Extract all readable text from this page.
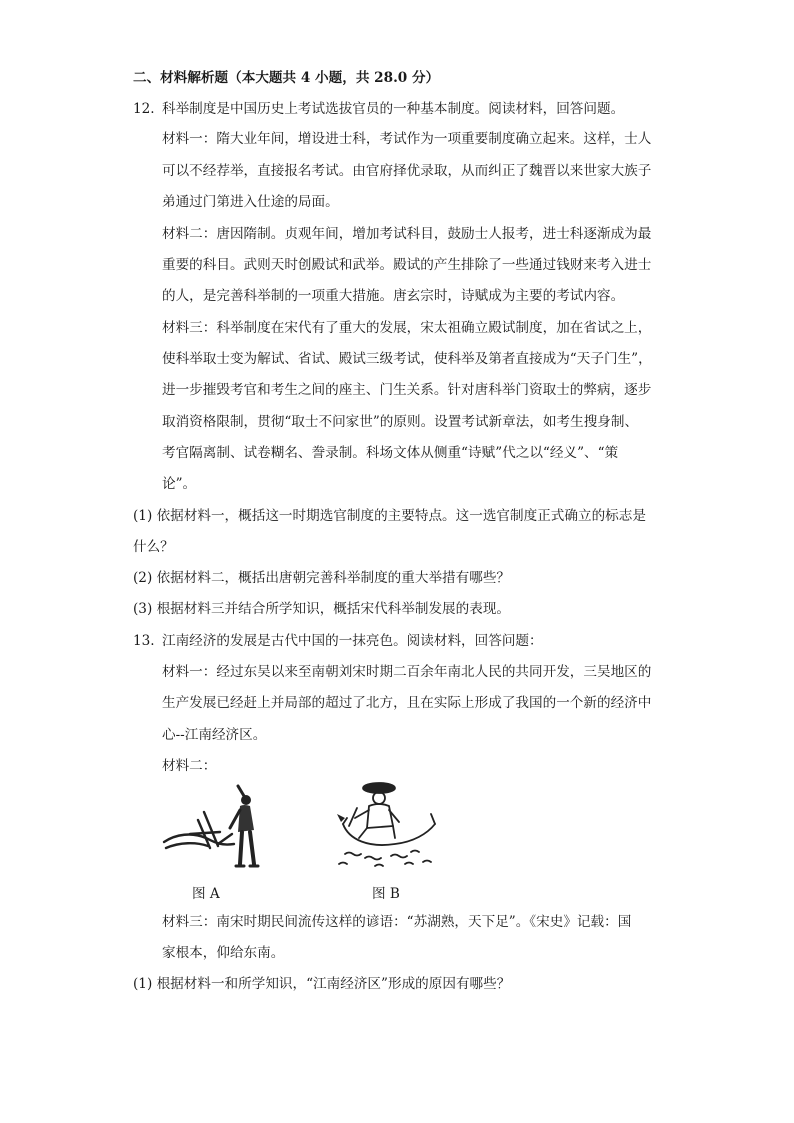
二、材料解析题（本大题共 4 小题，共 28.0 分）
12. 科举制度是中国历史上考试选拔官员的一种基本制度。阅读材料，回答问题。
材料一：隋大业年间，增设进士科，考试作为一项重要制度确立起来。这样，士人
可以不经荐举，直接报名考试。由官府择优录取，从而纠正了魏晋以来世家大族子
弟通过门第进入仕途的局面。
材料二：唐因隋制。贞观年间，增加考试科目，鼓励士人报考，进士科逐渐成为最
重要的科目。武则天时创殿试和武举。殿试的产生排除了一些通过钱财来考入进士
的人，是完善科举制的一项重大措施。唐玄宗时，诗赋成为主要的考试内容。
材料三：科举制度在宋代有了重大的发展，宋太祖确立殿试制度，加在省试之上，
使科举取士变为解试、省试、殿试三级考试，使科举及第者直接成为“天子门生”，
进一步摧毁考官和考生之间的座主、门生关系。针对唐科举门资取士的弊病，逐步
取消资格限制，贯彻“取士不问家世”的原则。设置考试新章法，如考生搜身制、
考官隔离制、试卷糊名、誊录制。科场文体从侧重“诗赋”代之以“经义”、“策
论”。
(1) 依据材料一，概括这一时期选官制度的主要特点。这一选官制度正式确立的标志是
什么？
(2) 依据材料二，概括出唐朝完善科举制度的重大举措有哪些？
(3) 根据材料三并结合所学知识，概括宋代科举制发展的表现。
13. 江南经济的发展是古代中国的一抹亮色。阅读材料，回答问题：
材料一：经过东吴以来至南朝刘宋时期二百余年南北人民的共同开发，三吴地区的
生产发展已经赶上并局部的超过了北方，且在实际上形成了我国的一个新的经济中
心--江南经济区。
材料二：
图 A	图 B
材料三：南宋时期民间流传这样的谚语：“苏湖熟，天下足”。《宋史》记载：国
家根本，仰给东南。
(1) 根据材料一和所学知识，“江南经济区”形成的原因有哪些？
